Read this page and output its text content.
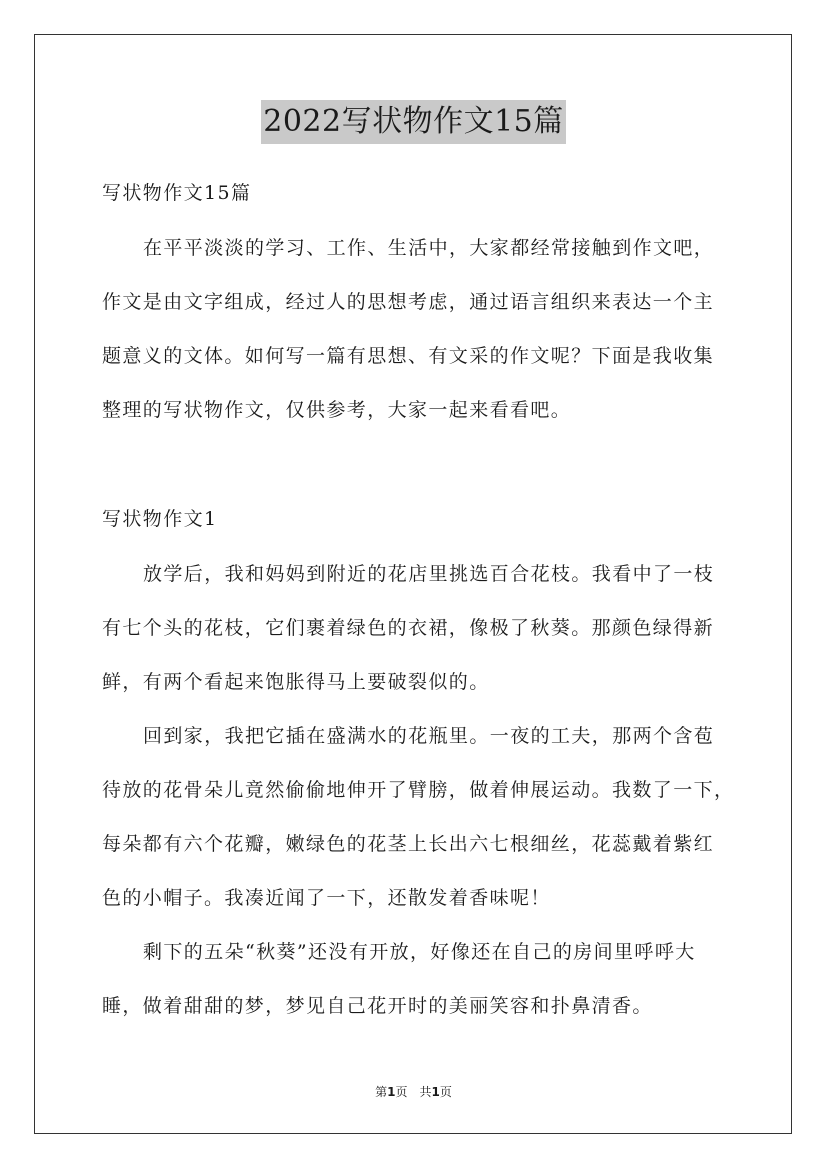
2022写状物作文15篇
写状物作文15篇
在平平淡淡的学习、工作、生活中，大家都经常接触到作文吧，
作文是由文字组成，经过人的思想考虑，通过语言组织来表达一个主
题意义的文体。如何写一篇有思想、有文采的作文呢？下面是我收集
整理的写状物作文，仅供参考，大家一起来看看吧。
写状物作文1
放学后，我和妈妈到附近的花店里挑选百合花枝。我看中了一枝
有七个头的花枝，它们裹着绿色的衣裙，像极了秋葵。那颜色绿得新
鲜，有两个看起来饱胀得马上要破裂似的。
回到家，我把它插在盛满水的花瓶里。一夜的工夫，那两个含苞
待放的花骨朵儿竟然偷偷地伸开了臂膀，做着伸展运动。我数了一下，
每朵都有六个花瓣，嫩绿色的花茎上长出六七根细丝，花蕊戴着紫红
色的小帽子。我凑近闻了一下，还散发着香味呢！
剩下的五朵“秋葵”还没有开放，好像还在自己的房间里呼呼大
睡，做着甜甜的梦，梦见自己花开时的美丽笑容和扑鼻清香。
第1页　共1页
